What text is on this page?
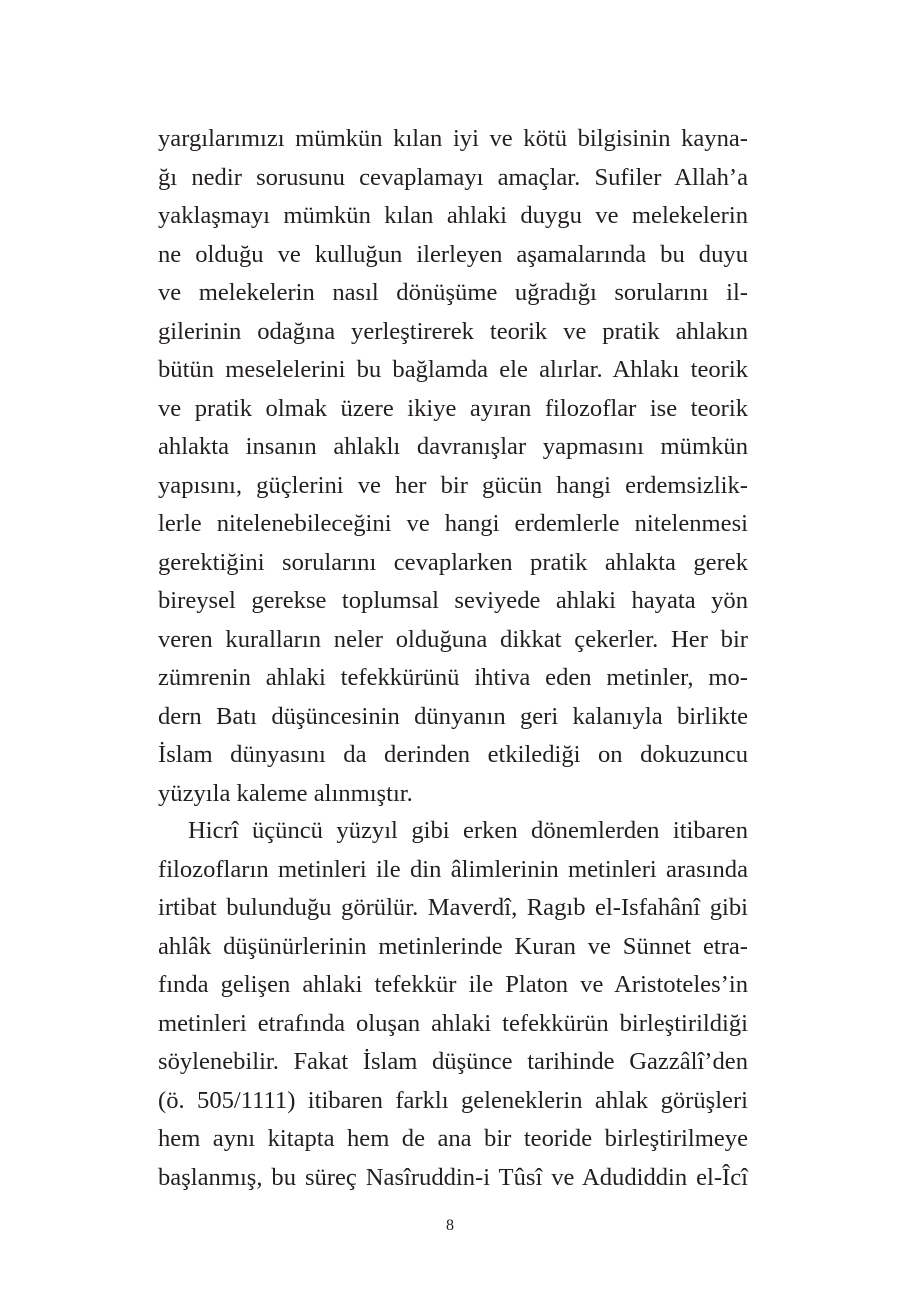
yargılarımızı mümkün kılan iyi ve kötü bilgisinin kayna-
ğı nedir sorusunu cevaplamayı amaçlar. Sufiler Allah’a
yaklaşmayı mümkün kılan ahlaki duygu ve melekelerin
ne olduğu ve kulluğun ilerleyen aşamalarında bu duyu
ve melekelerin nasıl dönüşüme uğradığı sorularını il-
gilerinin odağına yerleştirerek teorik ve pratik ahlakın
bütün meselelerini bu bağlamda ele alırlar. Ahlakı teorik
ve pratik olmak üzere ikiye ayıran filozoflar ise teorik
ahlakta insanın ahlaklı davranışlar yapmasını mümkün
yapısını, güçlerini ve her bir gücün hangi erdemsizlik-
lerle nitelenebileceğini ve hangi erdemlerle nitelenmesi
gerektiğini sorularını cevaplarken pratik ahlakta gerek
bireysel gerekse toplumsal seviyede ahlaki hayata yön
veren kuralların neler olduğuna dikkat çekerler. Her bir
zümrenin ahlaki tefekkürünü ihtiva eden metinler, mo-
dern Batı düşüncesinin dünyanın geri kalanıyla birlikte
İslam dünyasını da derinden etkilediği on dokuzuncu
yüzyıla kaleme alınmıştır.
Hicrî üçüncü yüzyıl gibi erken dönemlerden itibaren
filozofların metinleri ile din âlimlerinin metinleri arasında
irtibat bulunduğu görülür. Maverdî, Ragıb el-Isfahânî gibi
ahlâk düşünürlerinin metinlerinde Kuran ve Sünnet etra-
fında gelişen ahlaki tefekkür ile Platon ve Aristoteles’in
metinleri etrafında oluşan ahlaki tefekkürün birleştirildiği
söylenebilir. Fakat İslam düşünce tarihinde Gazzâlî’den
(ö. 505/1111) itibaren farklı geleneklerin ahlak görüşleri
hem aynı kitapta hem de ana bir teoride birleştirilmeye
başlanmış, bu süreç Nasîruddin-i Tûsî ve Adudiddin el-Îcî
8
